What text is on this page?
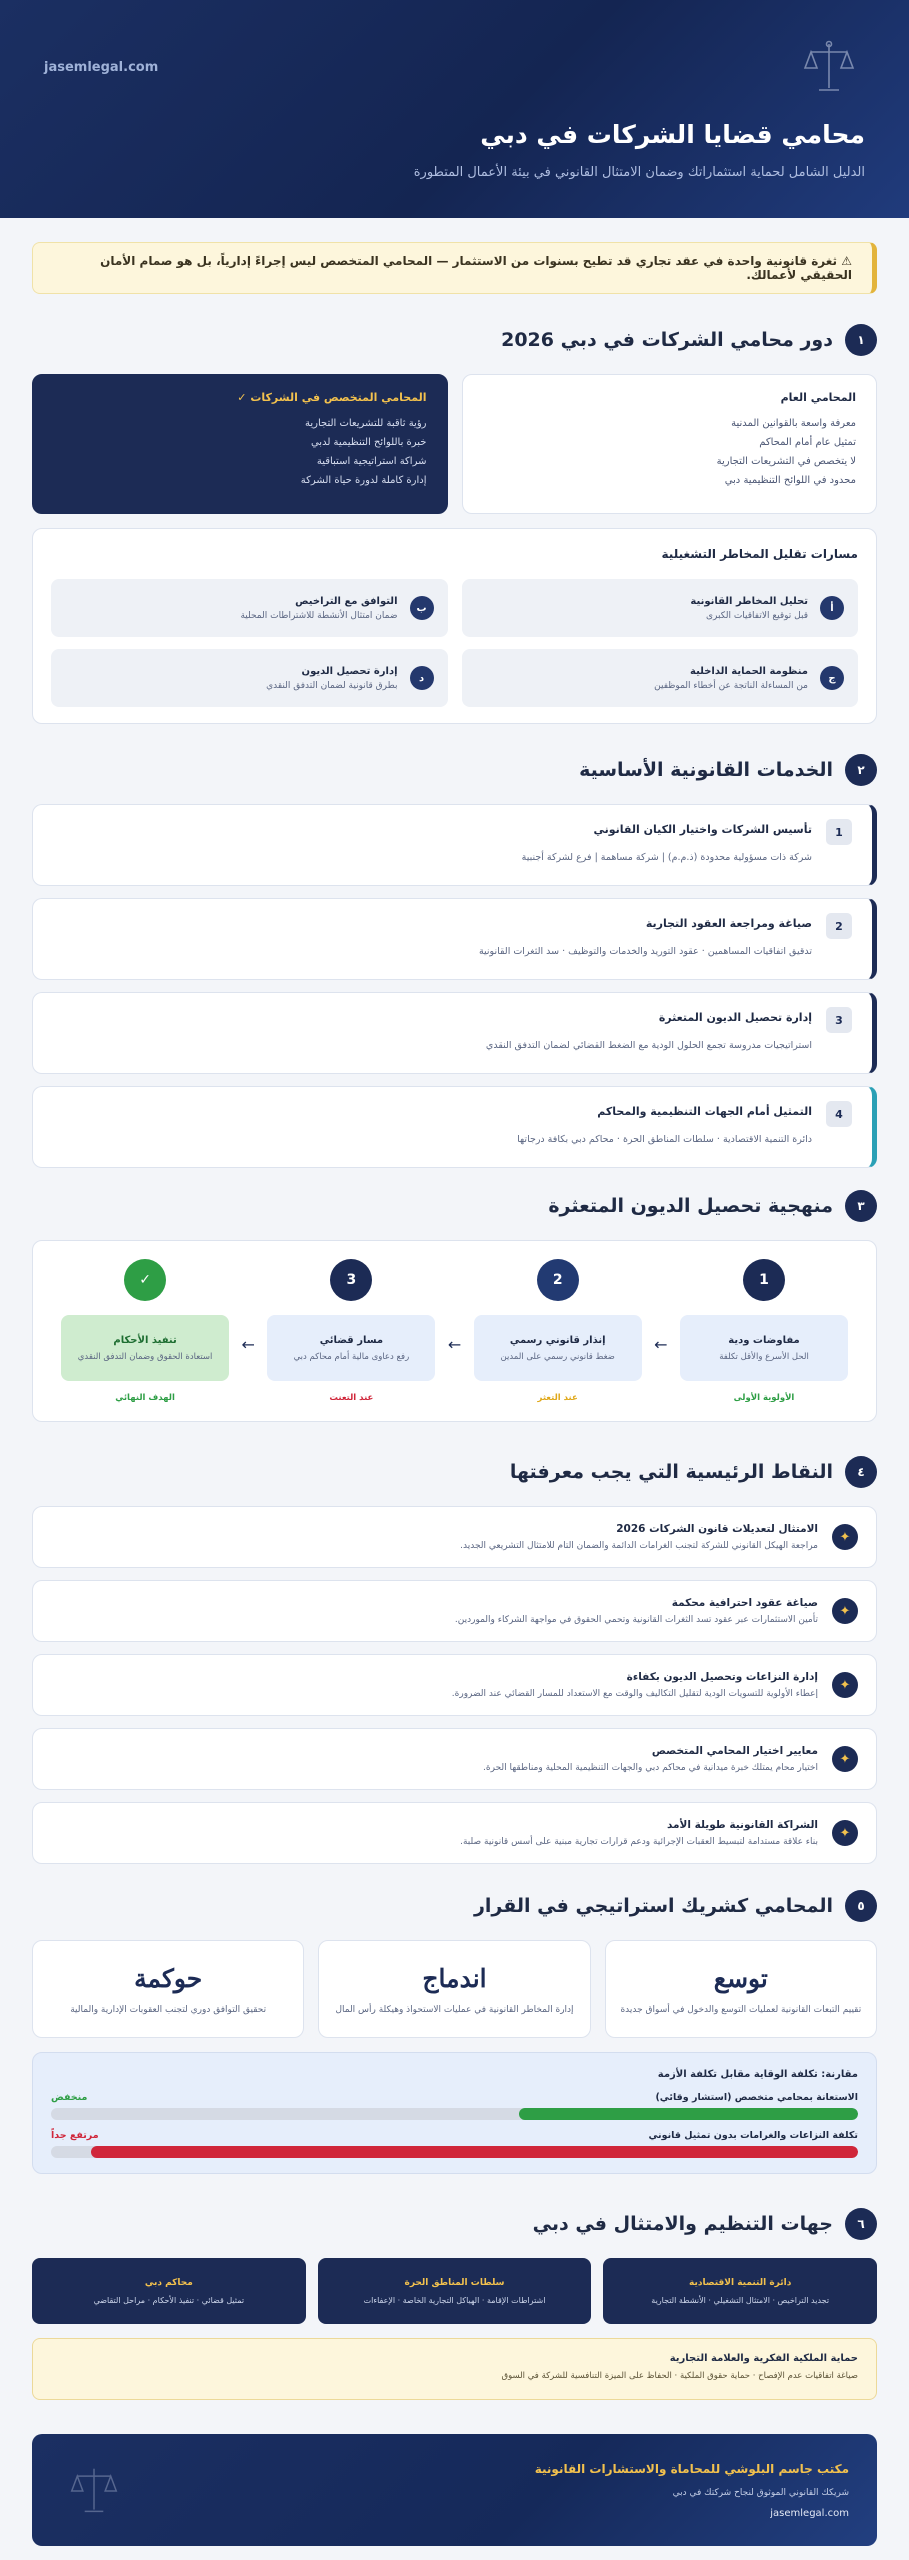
jasemlegal.com
محامي قضايا الشركات في دبي
الدليل الشامل لحماية استثماراتك وضمان الامتثال القانوني في بيئة الأعمال المتطورة
⚠ ثغرة قانونية واحدة في عقد تجاري قد تطيح بسنوات من الاستثمار — المحامي المتخصص ليس إجراءً إدارياً، بل هو صمام الأمان الحقيقي لأعمالك.
١
دور محامي الشركات في دبي 2026
المحامي العام
معرفة واسعة بالقوانين المدنية
تمثيل عام أمام المحاكم
لا يتخصص في التشريعات التجارية
محدود في اللوائح التنظيمية دبي
المحامي المتخصص في الشركات ✓
رؤية ثاقبة للتشريعات التجارية
خبرة باللوائح التنظيمية لدبي
شراكة استراتيجية استباقية
إدارة كاملة لدورة حياة الشركة
مسارات تقليل المخاطر التشغيلية
أ
تحليل المخاطر القانونية
قبل توقيع الاتفاقيات الكبرى
ب
التوافق مع التراخيص
ضمان امتثال الأنشطة للاشتراطات المحلية
ج
منظومة الحماية الداخلية
من المساءلة الناتجة عن أخطاء الموظفين
د
إدارة تحصيل الديون
بطرق قانونية لضمان التدفق النقدي
٢
الخدمات القانونية الأساسية
1
تأسيس الشركات واختيار الكيان القانوني
شركة ذات مسؤولية محدودة (ذ.م.م) | شركة مساهمة | فرع لشركة أجنبية
2
صياغة ومراجعة العقود التجارية
تدقيق اتفاقيات المساهمين · عقود التوريد والخدمات والتوظيف · سد الثغرات القانونية
3
إدارة تحصيل الديون المتعثرة
استراتيجيات مدروسة تجمع الحلول الودية مع الضغط القضائي لضمان التدفق النقدي
4
التمثيل أمام الجهات التنظيمية والمحاكم
دائرة التنمية الاقتصادية · سلطات المناطق الحرة · محاكم دبي بكافة درجاتها
٣
منهجية تحصيل الديون المتعثرة
1
مفاوضات ودية
الحل الأسرع والأقل تكلفة
الأولوية الأولى
←
2
إنذار قانوني رسمي
ضغط قانوني رسمي على المدين
عند التعثر
←
3
مسار قضائي
رفع دعاوى مالية أمام محاكم دبي
عند التعنت
←
✓
تنفيذ الأحكام
استعادة الحقوق وضمان التدفق النقدي
الهدف النهائي
٤
النقاط الرئيسية التي يجب معرفتها
✦
الامتثال لتعديلات قانون الشركات 2026
مراجعة الهيكل القانوني للشركة لتجنب الغرامات الدائمة والضمان التام للامتثال التشريعي الجديد.
✦
صياغة عقود احترافية محكمة
تأمين الاستثمارات عبر عقود تسد الثغرات القانونية وتحمي الحقوق في مواجهة الشركاء والموردين.
✦
إدارة النزاعات وتحصيل الديون بكفاءة
إعطاء الأولوية للتسويات الودية لتقليل التكاليف والوقت مع الاستعداد للمسار القضائي عند الضرورة.
✦
معايير اختيار المحامي المتخصص
اختيار محام يمتلك خبرة ميدانية في محاكم دبي والجهات التنظيمية المحلية ومناطقها الحرة.
✦
الشراكة القانونية طويلة الأمد
بناء علاقة مستدامة لتبسيط العقبات الإجرائية ودعم قرارات تجارية مبنية على أسس قانونية صلبة.
٥
المحامي كشريك استراتيجي في القرار
توسع
تقييم التبعات القانونية لعمليات التوسع والدخول في أسواق جديدة
اندماج
إدارة المخاطر القانونية في عمليات الاستحواذ وهيكلة رأس المال
حوكمة
تحقيق التوافق دوري لتجنب العقوبات الإدارية والمالية
مقارنة: تكلفة الوقاية مقابل تكلفة الأزمة
الاستعانة بمحامي متخصص (استشار وقائي)
منخفض
تكلفة النزاعات والغرامات بدون تمثيل قانوني
مرتفع جداً
٦
جهات التنظيم والامتثال في دبي
دائرة التنمية الاقتصادية
تجديد التراخيص · الامتثال التشغيلي · الأنشطة التجارية
سلطات المناطق الحرة
اشتراطات الإقامة · الهياكل التجارية الخاصة · الإعفاءات
محاكم دبي
تمثيل قضائي · تنفيذ الأحكام · مراحل التقاضي
حماية الملكية الفكرية والعلامة التجارية
صياغة اتفاقيات عدم الإفصاح · حماية حقوق الملكية · الحفاظ على الميزة التنافسية للشركة في السوق
مكتب جاسم البلوشي للمحاماة والاستشارات القانونية
شريكك القانوني الموثوق لنجاح شركتك في دبي
jasemlegal.com
